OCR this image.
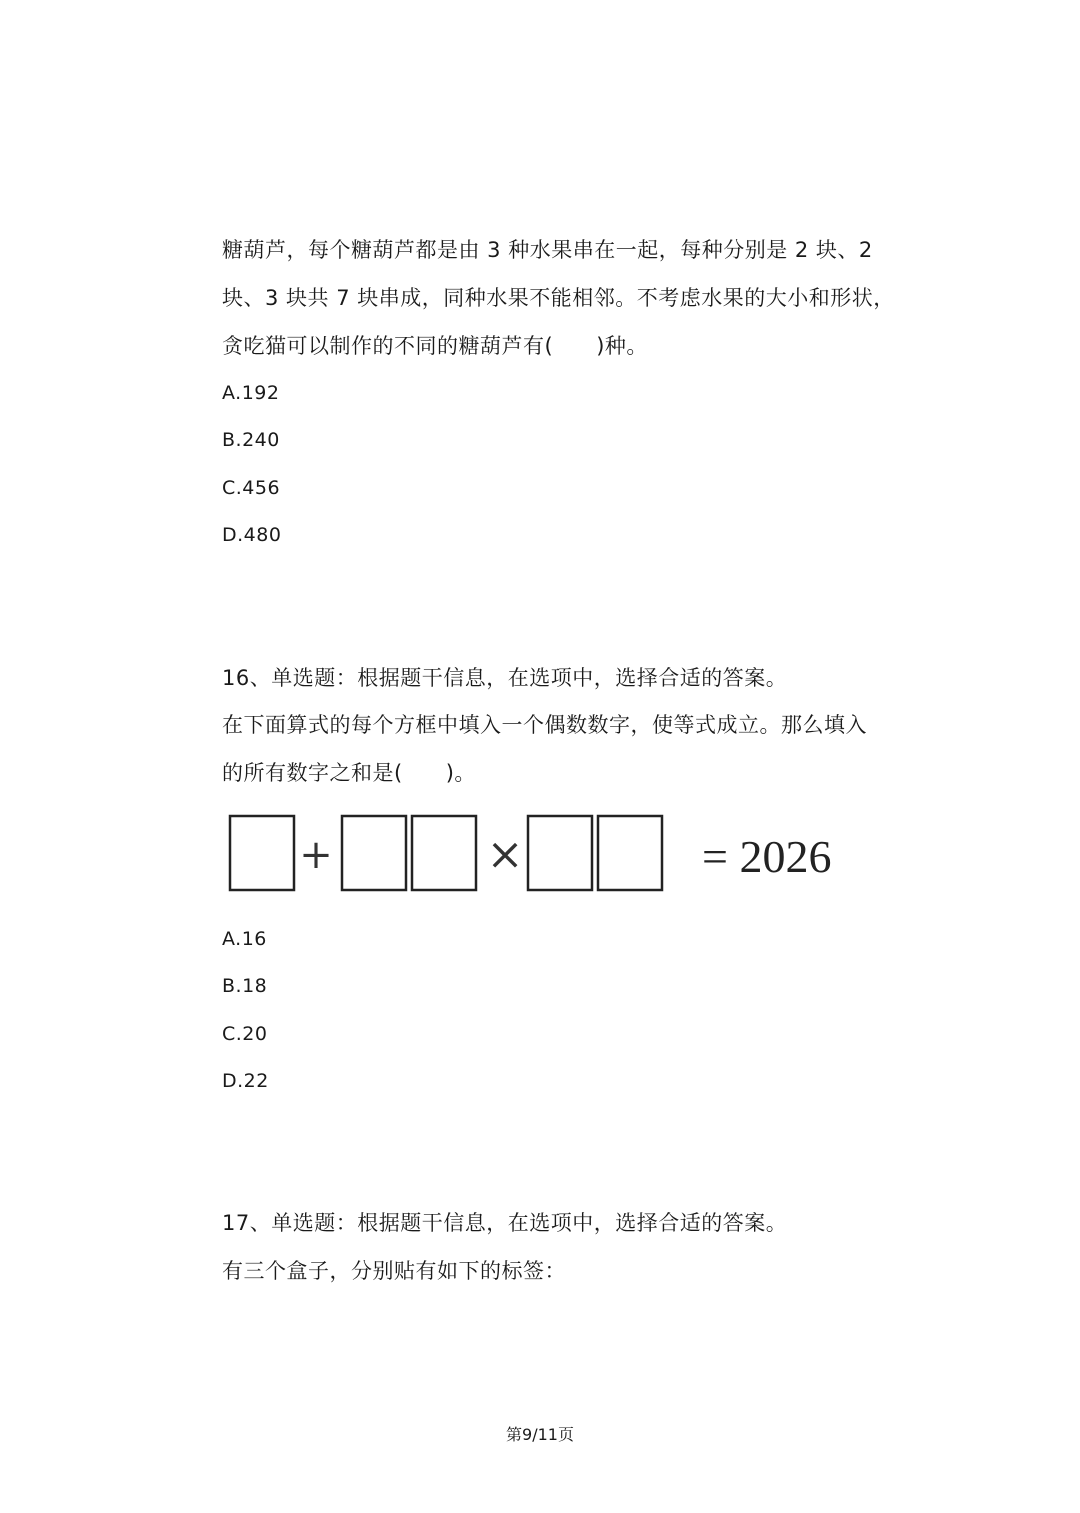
糖葫芦，每个糖葫芦都是由 3 种水果串在一起，每种分别是 2 块、2
块、3 块共 7 块串成，同种水果不能相邻。不考虑水果的大小和形状，
贪吃猫可以制作的不同的糖葫芦有(　　)种。
A.192
B.240
C.456
D.480
16、单选题：根据题干信息，在选项中，选择合适的答案。
在下面算式的每个方框中填入一个偶数数字，使等式成立。那么填入
的所有数字之和是(　　)。
+	×	= 2026
A.16
B.18
C.20
D.22
17、单选题：根据题干信息，在选项中，选择合适的答案。
有三个盒子，分别贴有如下的标签：
第9/11页
